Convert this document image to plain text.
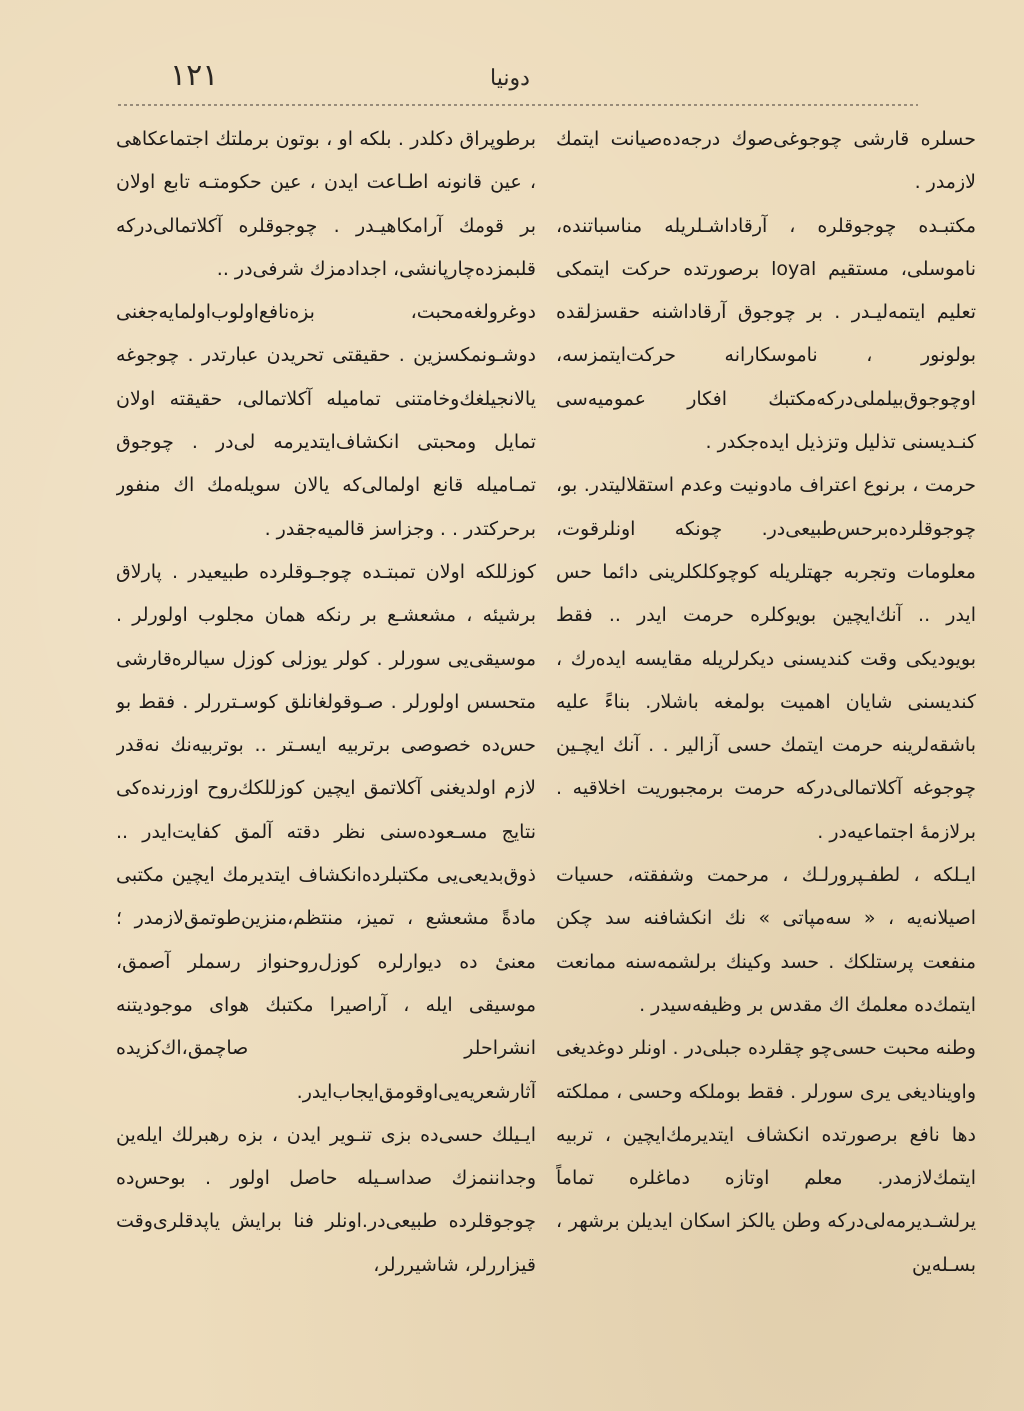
۱۲۱	دونیا

حسلره قارشی چوجوغی‌صوك درجه‌ده‌صیانت ایتمك لازمدر .

مکتبـده چوجوقلره ، آرقاداشـلریله مناسباتنده، ناموسلی، مستقیم loyal برصورتده حرکت ایتمکی تعلیم ایتمه‌لیـدر . بر چوجوق آرقاداشنه حقسزلقده بولونور ، ناموسکارانه حرکت‌ایتمزسه، اوچوجوق‌بیلملی‌درکه‌مکتبك افکار عمومیه‌سی کنـدیسنی تذلیل وتزذیل ایده‌جکدر .

حرمت ، برنوع اعتراف مادونیت وعدم استقلالیتدر. بو، چوجوقلرده‌برحس‌طبیعی‌در. چونکه اونلرقوت، معلومات وتجربه جهتلریله کوچوکلکلرینی دائما حس ایدر .. آنك‌ایچین بویوکلره حرمت ایدر .. فقط بویودیکی وقت کندیسنی دیکرلریله مقایسه ایدەرك ، کندیسنی شایان اهمیت بولمغه باشلار. بناءً علیه باشقه‌لرینه حرمت ایتمك حسی آزالیر . . آنك ایچـین چوجوغه آکلاتمالی‌درکه حرمت برمجبوریت اخلاقیه . برلازمهٔ اجتماعیه‌در .

ایـلکه ، لطفـپرورلـك ، مرحمت وشفقته، حسیات اصیلانه‌یه ، « سه‌مپاتی » نك انکشافنه سد چکن منفعت پرستلکك . حسد وکینك برلشمه‌سنه ممانعت ایتمك‌ده معلمك اك مقدس بر وظیفه‌سیدر .

وطنه محبت حسی‌چو چقلرده جبلی‌در . اونلر دوغدیغی واوینادیغی یری سورلر . فقط بوملکه وحسی ، مملکته دها نافع برصورتده انکشاف ایتدیرمك‌ایچین ، تربیه ایتمك‌لازمدر. معلم اوتازه دماغلره تماماً یرلشـدیرمه‌لی‌درکه وطن یالکز اسکان ایدیلن برشهر ، بسـله‌ین

برطوپراق دکلدر . بلکه او ، بوتون برملتك اجتماعکاهی ، عین قانونه اطـاعت ایدن ، عین حکومتـه تابع اولان بر قومك آرامکاهیـدر . چوجوقلره آکلاتمالی‌درکه قلبمزده‌چارپانشی، اجدادمزك شرفی‌در ..

دوغرولغه‌محبت، بزه‌نافع‌اولوب‌اولمایه‌جغنی دوشـونمکسزین . حقیقتی تحریدن عبارتدر . چوجوغه یالانجیلغك‌وخامتنی تمامیله آکلاتمالی، حقیقته اولان تمایل ومحبتی انکشاف‌ایتدیرمه لی‌در . چوجوق تمـامیله قانع اولمالی‌که یالان سویله‌مك اك منفور برحرکتدر . . وجزاسز قالمیه‌جقدر .

کوزللکه اولان تمبتـده چوجـوقلرده طبیعیدر . پارلاق برشیئه ، مشعشـع بر رنکه همان مجلوب اولورلر . موسیقی‌یی سورلر . کولر یوزلی کوزل سیالره‌قارشی متحسس اولورلر . صـوقولغانلق کوسـتررلر . فقط بو حس‌ده خصوصی برتربیه ایسـتر .. بوتربیه‌نك نه‌قدر لازم اولدیغنی آکلاتمق ایچین کوزللکك‌روح اوزرنده‌کی نتایج مسـعوده‌سنی نظر دقته آلمق کفایت‌ایدر .. ذوق‌بدیعی‌یی مکتبلرده‌انکشاف ایتدیرمك ایچین مکتبی مادةً مشعشع ، تمیز، منتظم،منزین‌طوتمق‌لازمدر ؛ معنیٔ ده دیوارلره کوزل‌روحنواز رسملر آصمق، موسیقی ایله ، آراصیرا مکتبك هوای موجودیتنه انشراحلر صاچمق،اك‌کزیده آثارشعریه‌یی‌اوقومق‌ایجاب‌ایدر.

ایـیلك حسی‌ده بزی تنـویر ایدن ، بزه رهبرلك ایلەین وجداننمزك صداسـیله حاصل اولور . بوحس‌ده چوجوقلرده طبیعی‌در.اونلر فنا برایش یاپدقلری‌وقت قیزاررلر، شاشیررلر،
